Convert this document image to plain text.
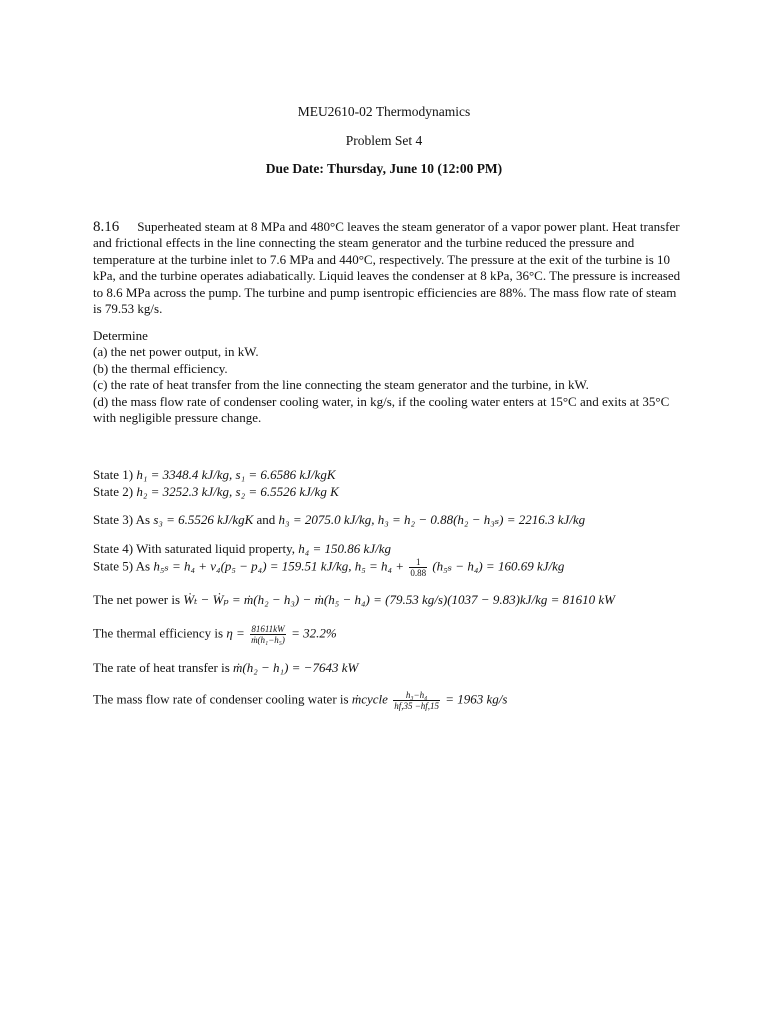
MEU2610-02 Thermodynamics
Problem Set 4
Due Date: Thursday, June 10 (12:00 PM)
8.16 Superheated steam at 8 MPa and 480°C leaves the steam generator of a vapor power plant. Heat transfer and frictional effects in the line connecting the steam generator and the turbine reduced the pressure and temperature at the turbine inlet to 7.6 MPa and 440°C, respectively. The pressure at the exit of the turbine is 10 kPa, and the turbine operates adiabatically. Liquid leaves the condenser at 8 kPa, 36°C. The pressure is increased to 8.6 MPa across the pump. The turbine and pump isentropic efficiencies are 88%. The mass flow rate of steam is 79.53 kg/s.
Determine
(a) the net power output, in kW.
(b) the thermal efficiency.
(c) the rate of heat transfer from the line connecting the steam generator and the turbine, in kW.
(d) the mass flow rate of condenser cooling water, in kg/s, if the cooling water enters at 15°C and exits at 35°C with negligible pressure change.
State 1) h₁ = 3348.4 kJ/kg, s₁ = 6.6586 kJ/kgK
State 2) h₂ = 3252.3 kJ/kg, s₂ = 6.5526 kJ/kg K
State 3) As s₃ = 6.5526 kJ/kgK and h₃ = 2075.0 kJ/kg, h₃ = h₂ − 0.88(h₂ − h₃ₛ) = 2216.3 kJ/kg
State 4) With saturated liquid property, h₄ = 150.86 kJ/kg
State 5) As h₅ₛ = h₄ + v₄(p₅ − p₄) = 159.51 kJ/kg, $h_5 = h_4 + \frac{1}{0.88} (h_{5s} - h_4) = 160.69$ kJ/kg
The net power is Ẇₜ − Ẇₚ = ṁ(h₂ − h₃) − ṁ(h₅ − h₄) = (79.53 kg/s)(1037 − 9.83)kJ/kg = 81610 kW
The thermal efficiency is $\eta = \frac{81611kW}{\text{ṁ(h₁−h₅)}} = 32.2\%$
The rate of heat transfer is ṁ(h₂ − h₁) = −7643 kW
The mass flow rate of condenser cooling water is ṁcycle $\frac{\text{h₃−h₄}}{hf,35 -hf,15} = 1963$ kg/s
